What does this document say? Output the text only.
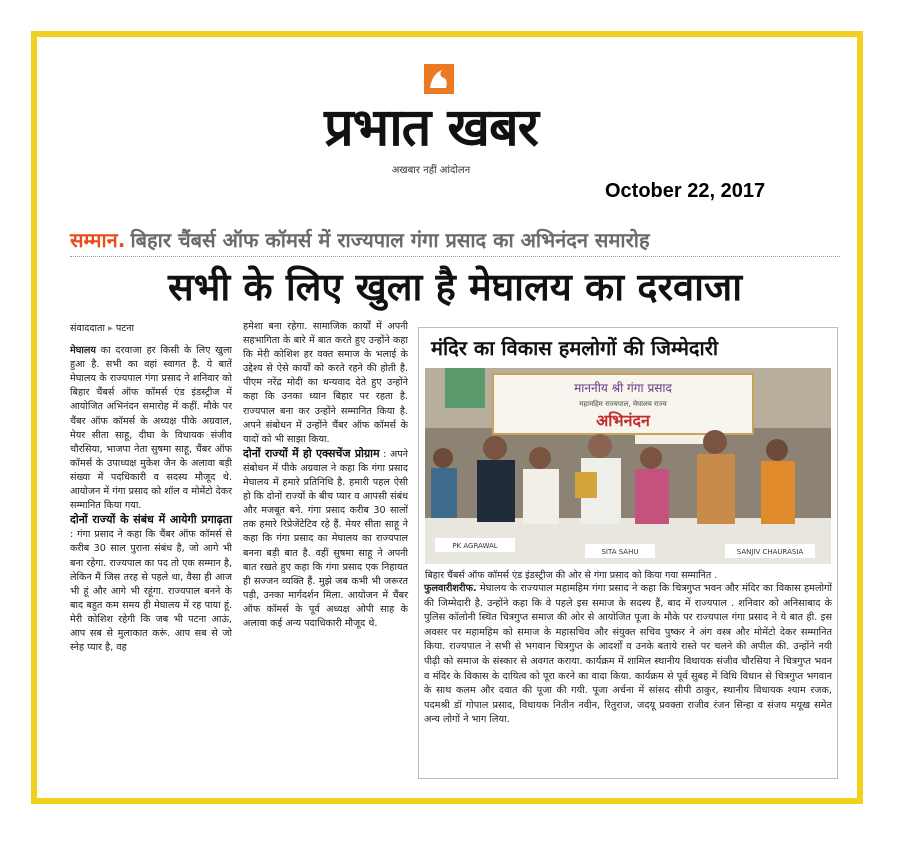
प्रभात खबर
अखबार नहीं आंदोलन
October 22, 2017
सम्मान. बिहार चैंबर्स ऑफ कॉमर्स में राज्यपाल गंगा प्रसाद का अभिनंदन समारोह
सभी के लिए खुला है मेघालय का दरवाजा
संवाददाता ▸ पटना
मेघालय का दरवाजा हर किसी के लिए खुला हुआ है. सभी का वहां स्वागत है. ये बातें मेघालय के राज्यपाल गंगा प्रसाद ने शनिवार को बिहार चैंबर्स ऑफ कॉमर्स एंड इंडस्ट्रीज में आयोजित अभिनंदन समारोह में कहीं. मौके पर चैंबर ऑफ कॉमर्स के अध्यक्ष पीके अग्रवाल, मेयर सीता साहू, दीघा के विधायक संजीव चौरसिया, भाजपा नेता सुषमा साहू, चैंबर ऑफ कॉमर्स के उपाध्यक्ष मुकेश जैन के अलावा बड़ी संख्या में पदधिकारी व सदस्य मौजूद थे. आयोजन में गंगा प्रसाद को शॉल व मोमेंटो देकर सम्मानित किया गया.
दोनों राज्यों के संबंध में आयेगी प्रगाढ़ता : गंगा प्रसाद ने कहा कि चैंबर ऑफ कॉमर्स से करीब 30 साल पुराना संबंध है, जो आगे भी बना रहेगा. राज्यपाल का पद तो एक सम्मान है, लेकिन मैं जिस तरह से पहले था, वैसा ही आज भी हूं और आगे भी रहूंगा. राज्यपाल बनने के बाद बहुत कम समय ही मेघालय में रह पाया हूं. मेरी कोशिश रहेगी कि जब भी पटना आऊं, आप सब से मुलाकात करूं. आप सब से जो स्नेह प्यार है, वह
हमेशा बना रहेगा. सामाजिक कार्यों में अपनी सहभागिता के बारे में बात करते हुए उन्होंने कहा कि मेरी कोशिश हर वक्त समाज के भलाई के उद्देश्य से ऐसे कार्यों को करते रहने की होती है. पीएम नरेंद्र मोदी का धन्यवाद देते हुए उन्होंने कहा कि उनका ध्यान बिहार पर रहता है. राज्यपाल बना कर उन्होंने सम्मानित किया है. अपने संबोधन में उन्होंने चैंबर ऑफ कॉमर्स के यादों को भी साझा किया.
दोनों राज्यों में हो एक्सचेंज प्रोग्राम : अपने संबोधन में पीके अग्रवाल ने कहा कि गंगा प्रसाद मेघालय में हमारे प्रतिनिधि है. हमारी पहल ऐसी हो कि दोनों राज्यों के बीच प्यार व आपसी संबंध और मजबूत बने. गंगा प्रसाद करीब 30 सालों तक हमारे रिप्रेजेंटेटिव रहे हैं. मेयर सीता साहू ने कहा कि गंगा प्रसाद का मेघालय का राज्यपाल बनना बड़ी बात है. वहीं सुषमा साहू ने अपनी बात रखते हुए कहा कि गंगा प्रसाद एक निहायत ही सज्जन व्यक्ति हैं. मुझे जब कभी भी जरूरत पड़ी, उनका मार्गदर्शन मिला. आयोजन में चैंबर ऑफ कॉमर्स के पूर्व अध्यक्ष ओपी साह के अलावा कई अन्य पदाधिकारी मौजूद थे.
मंदिर का विकास हमलोगों की जिम्मेदारी
माननीय श्री गंगा प्रसाद
महामहिम राज्यपाल, मेघालय राज्य
अभिनंदन
PK AGRAWAL
SITA SAHU	SANJIV CHAURASIA
बिहार चैंबर्स ऑफ कॉमर्स एंड इंडस्ट्रीज की ओर से गंगा प्रसाद को किया गया सम्मानित .
फुलवारीशरीफ. मेघालय के राज्यपाल महामहिम गंगा प्रसाद ने कहा कि चित्रगुप्त भवन और मंदिर का विकास हमलोगों की जिम्मेदारी है. उन्होंने कहा कि वे पहले इस समाज के सदस्य हैं, बाद में राज्यपाल . शनिवार को अनिसाबाद के पुलिस कॉलोनी स्थित चित्रगुप्त समाज की ओर से आयोजित पूजा के मौके पर राज्यपाल गंगा प्रसाद ने ये बात ही. इस अवसर पर महामहिम को समाज के महासचिव और संयुक्त सचिव पुष्कर ने अंग वस्त्र और मोमेंटो देकर सम्मानित किया. राज्यपाल ने सभी से भगवान चित्रगुप्त के आदर्शों व उनके बताये रास्ते पर चलने की अपील की. उन्होंने नयी पीढ़ी को समाज के संस्कार से अवगत कराया. कार्यक्रम में शामिल स्थानीय विधायक संजीव चौरसिया ने चित्रगुप्त भवन व मंदिर के विकास के दायित्व को पूरा करने का वादा किया. कार्यक्रम से पूर्व सुबह में विधि विधान से चित्रगुप्त भगवान के साथ कलम और दवात की पूजा की गयी. पूजा अर्चना में सांसद सीपी ठाकुर, स्थानीय विधायक श्याम रजक, पदमश्री डॉ गोपाल प्रसाद, विधायक नितीन नवीन, रितुराज, जदयू प्रवक्ता राजीव रंजन सिन्हा व संजय मयूख समेत अन्य लोगों ने भाग लिया.
